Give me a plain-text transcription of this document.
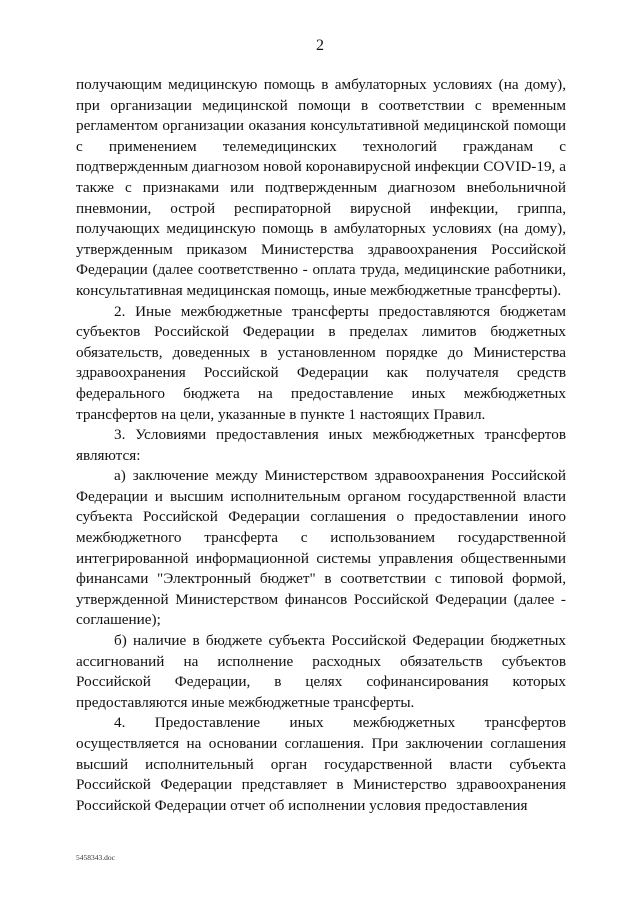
2

получающим медицинскую помощь в амбулаторных условиях (на дому), при организации медицинской помощи в соответствии с временным регламентом организации оказания консультативной медицинской помощи с применением телемедицинских технологий гражданам с подтвержденным диагнозом новой коронавирусной инфекции COVID-19, а также с признаками или подтвержденным диагнозом внебольничной пневмонии, острой респираторной вирусной инфекции, гриппа, получающих медицинскую помощь в амбулаторных условиях (на дому), утвержденным приказом Министерства здравоохранения Российской Федерации (далее соответственно - оплата труда, медицинские работники, консультативная медицинская помощь, иные межбюджетные трансферты).

2. Иные межбюджетные трансферты предоставляются бюджетам субъектов Российской Федерации в пределах лимитов бюджетных обязательств, доведенных в установленном порядке до Министерства здравоохранения Российской Федерации как получателя средств федерального бюджета на предоставление иных межбюджетных трансфертов на цели, указанные в пункте 1 настоящих Правил.

3. Условиями предоставления иных межбюджетных трансфертов являются:

а) заключение между Министерством здравоохранения Российской Федерации и высшим исполнительным органом государственной власти субъекта Российской Федерации соглашения о предоставлении иного межбюджетного трансферта с использованием государственной интегрированной информационной системы управления общественными финансами "Электронный бюджет" в соответствии с типовой формой, утвержденной Министерством финансов Российской Федерации (далее - соглашение);

б) наличие в бюджете субъекта Российской Федерации бюджетных ассигнований на исполнение расходных обязательств субъектов Российской Федерации, в целях софинансирования которых предоставляются иные межбюджетные трансферты.

4. Предоставление иных межбюджетных трансфертов осуществляется на основании соглашения. При заключении соглашения высший исполнительный орган государственной власти субъекта Российской Федерации представляет в Министерство здравоохранения Российской Федерации отчет об исполнении условия предоставления

5458343.doc
